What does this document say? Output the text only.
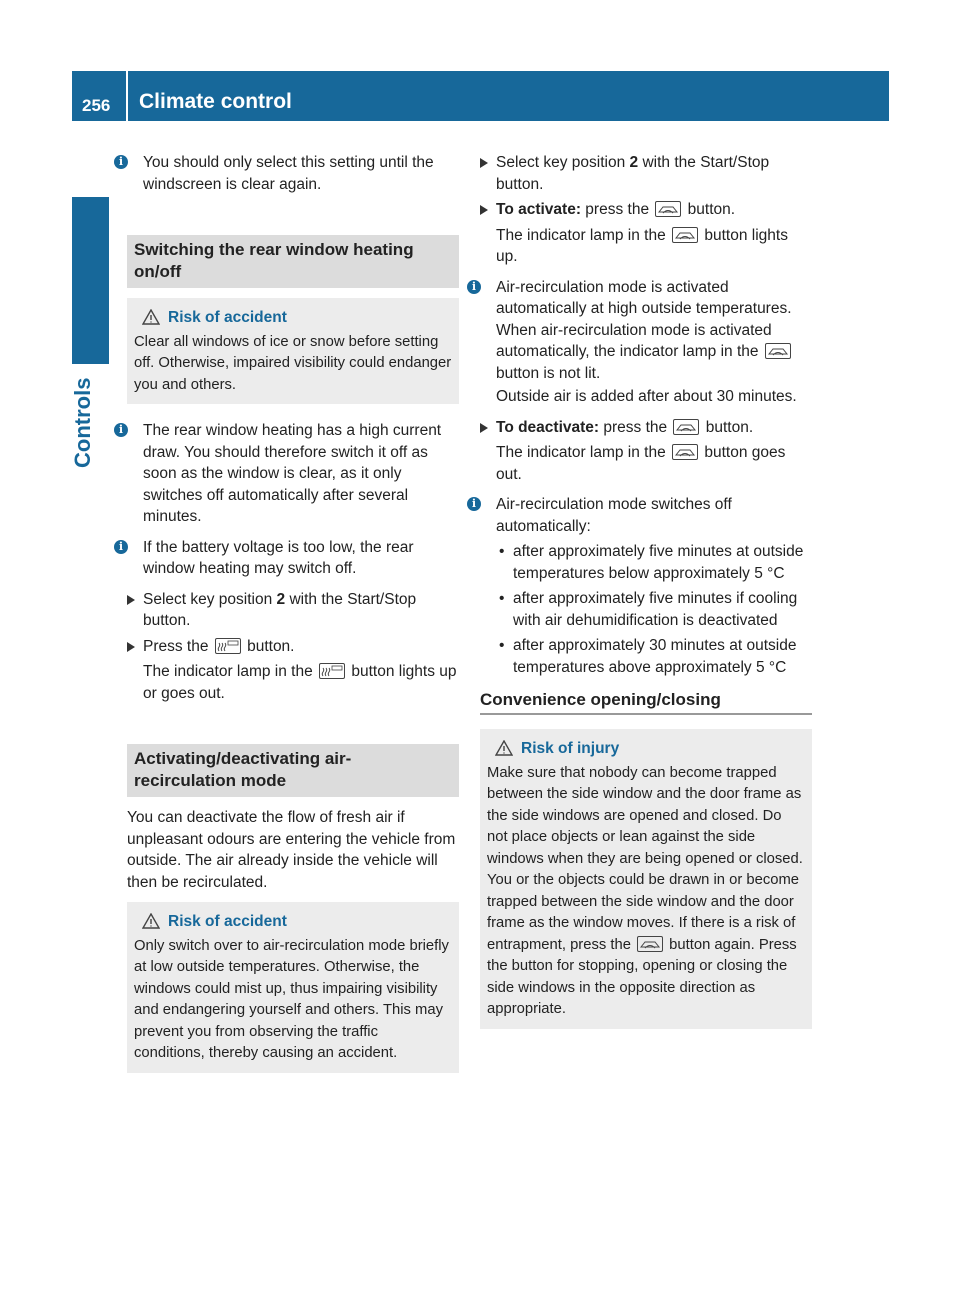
256 Climate control
Controls
i	You should only select this setting until the windscreen is clear again.
Switching the rear window heating on/off
Risk of accident
Clear all windows of ice or snow before setting off. Otherwise, impaired visibility could endanger you and others.
i	The rear window heating has a high current draw. You should therefore switch it off as soon as the window is clear, as it only switches off automatically after several minutes.
i	If the battery voltage is too low, the rear window heating may switch off.
Select key position 2 with the Start/Stop button.
Press the
button.
The indicator lamp in the
button lights up or goes out.
Activating/deactivating air-recirculation mode
You can deactivate the flow of fresh air if unpleasant odours are entering the vehicle from outside. The air already inside the vehicle will then be recirculated.
Risk of accident
Only switch over to air-recirculation mode briefly at low outside temperatures. Otherwise, the windows could mist up, thus impairing visibility and endangering yourself and others. This may prevent you from observing the traffic conditions, thereby causing an accident.
Select key position 2 with the Start/Stop button.
To activate: press the
button.
The indicator lamp in the
button lights up.
i	Air-recirculation mode is activated automatically at high outside temperatures. When air-recirculation mode is activated automatically, the indicator lamp in the
button is not lit.
Outside air is added after about 30 minutes.
To deactivate: press the
button.
The indicator lamp in the
button goes out.
i	Air-recirculation mode switches off automatically:
• after approximately five minutes at outside temperatures below approximately 5 °C
• after approximately five minutes if cooling with air dehumidification is deactivated
• after approximately 30 minutes at outside temperatures above approximately 5 °C
Convenience opening/closing
Risk of injury
Make sure that nobody can become trapped between the side window and the door frame as the side windows are opened and closed. Do not place objects or lean against the side windows when they are being opened or closed. You or the objects could be drawn in or become trapped between the side window and the door frame as the window moves. If there is a risk of entrapment, press the
button again. Press the button for stopping, opening or closing the side windows in the opposite direction as appropriate.
